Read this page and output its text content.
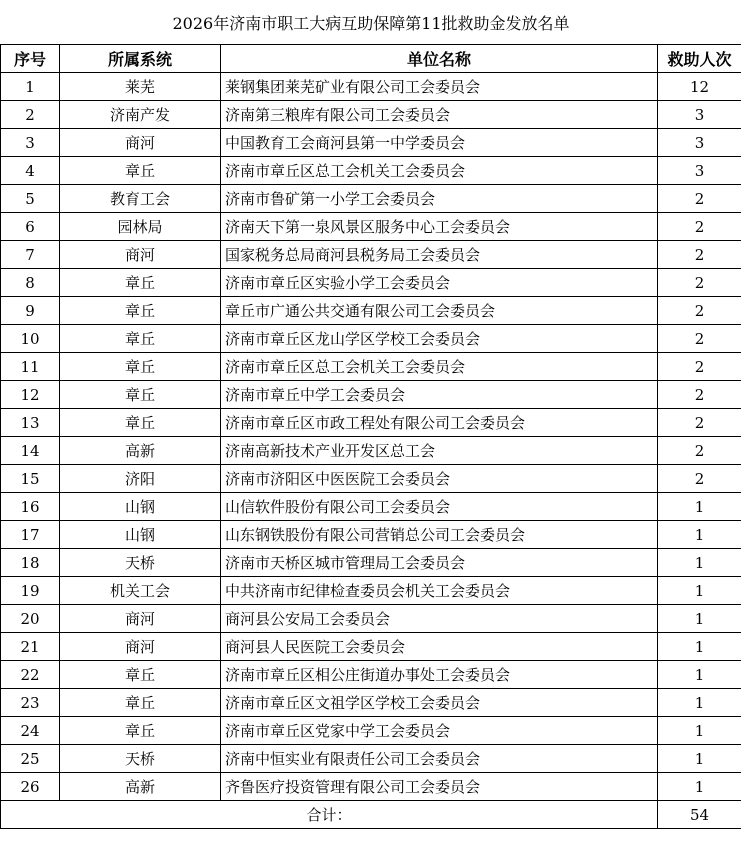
2026年济南市职工大病互助保障第11批救助金发放名单			
序号	所属系统	单位名称	救助人次
1	莱芜	莱钢集团莱芜矿业有限公司工会委员会	12
2	济南产发	济南第三粮库有限公司工会委员会	3
3	商河	中国教育工会商河县第一中学委员会	3
4	章丘	济南市章丘区总工会机关工会委员会	3
5	教育工会	济南市鲁矿第一小学工会委员会	2
6	园林局	济南天下第一泉风景区服务中心工会委员会	2
7	商河	国家税务总局商河县税务局工会委员会	2
8	章丘	济南市章丘区实验小学工会委员会	2
9	章丘	章丘市广通公共交通有限公司工会委员会	2
10	章丘	济南市章丘区龙山学区学校工会委员会	2
11	章丘	济南市章丘区总工会机关工会委员会	2
12	章丘	济南市章丘中学工会委员会	2
13	章丘	济南市章丘区市政工程处有限公司工会委员会	2
14	高新	济南高新技术产业开发区总工会	2
15	济阳	济南市济阳区中医医院工会委员会	2
16	山钢	山信软件股份有限公司工会委员会	1
17	山钢	山东钢铁股份有限公司营销总公司工会委员会	1
18	天桥	济南市天桥区城市管理局工会委员会	1
19	机关工会	中共济南市纪律检查委员会机关工会委员会	1
20	商河	商河县公安局工会委员会	1
21	商河	商河县人民医院工会委员会	1
22	章丘	济南市章丘区相公庄街道办事处工会委员会	1
23	章丘	济南市章丘区文祖学区学校工会委员会	1
24	章丘	济南市章丘区党家中学工会委员会	1
25	天桥	济南中恒实业有限责任公司工会委员会	1
26	高新	齐鲁医疗投资管理有限公司工会委员会	1
合计：			54
